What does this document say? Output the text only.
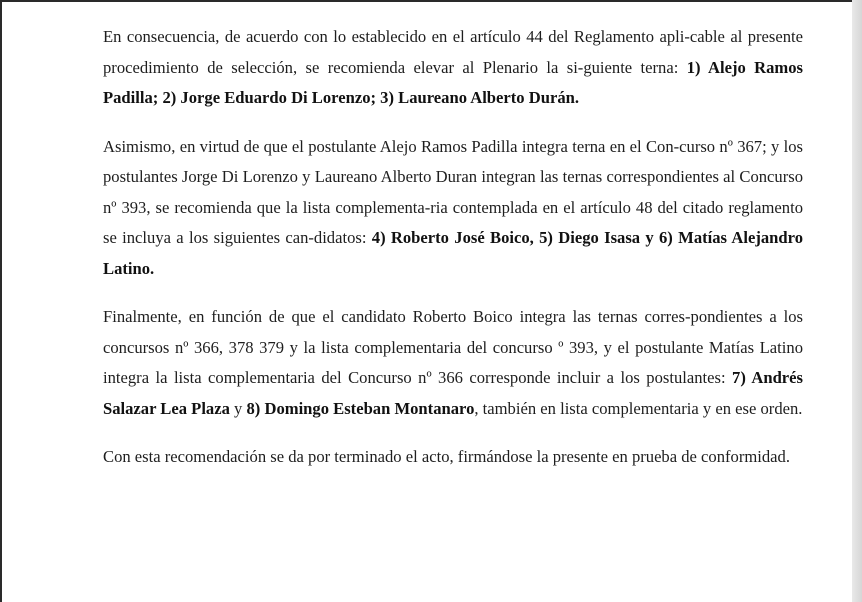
En consecuencia, de acuerdo con lo establecido en el artículo 44 del Reglamento apli-cable al presente procedimiento de selección, se recomienda elevar al Plenario la si-guiente terna: 1) Alejo Ramos Padilla; 2) Jorge Eduardo Di Lorenzo; 3) Laureano Alberto Durán.

Asimismo, en virtud de que el postulante Alejo Ramos Padilla integra terna en el Con-curso nº 367; y los postulantes Jorge Di Lorenzo y Laureano Alberto Duran integran las ternas correspondientes al Concurso nº 393, se recomienda que la lista complementa-ria contemplada en el artículo 48 del citado reglamento se incluya a los siguientes can-didatos: 4) Roberto José Boico, 5) Diego Isasa y 6) Matías Alejandro Latino.

Finalmente, en función de que el candidato Roberto Boico integra las ternas corres-pondientes a los concursos nº 366, 378 379 y la lista complementaria del concurso º 393, y el postulante Matías Latino integra la lista complementaria del Concurso nº 366 corresponde incluir a los postulantes: 7) Andrés Salazar Lea Plaza y 8) Domingo Esteban Montanaro, también en lista complementaria y en ese orden.

Con esta recomendación se da por terminado el acto, firmándose la presente en prueba de conformidad.
